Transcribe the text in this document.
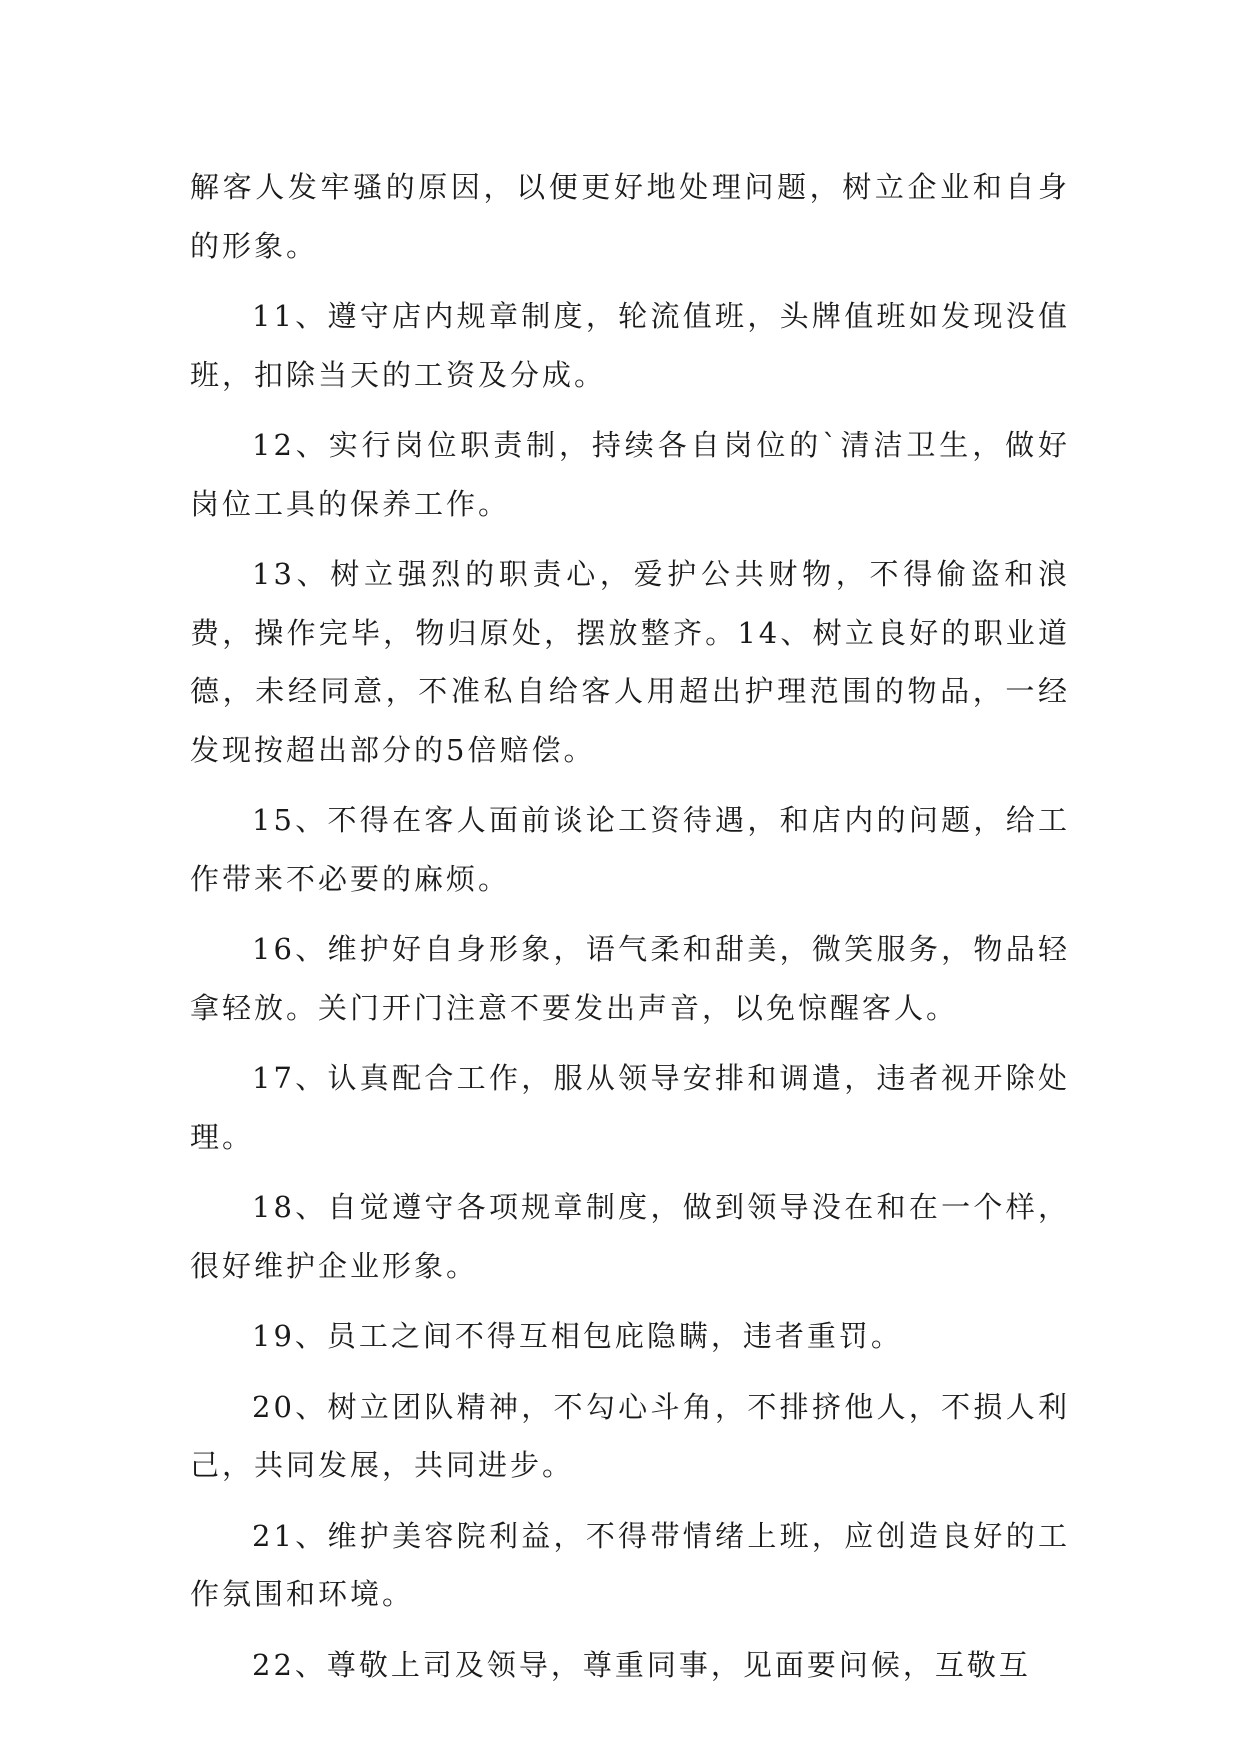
解客人发牢骚的原因，以便更好地处理问题，树立企业和自身的形象。

11、遵守店内规章制度，轮流值班，头牌值班如发现没值班，扣除当天的工资及分成。

12、实行岗位职责制，持续各自岗位的`清洁卫生，做好岗位工具的保养工作。

13、树立强烈的职责心，爱护公共财物，不得偷盗和浪费，操作完毕，物归原处，摆放整齐。14、树立良好的职业道德，未经同意，不准私自给客人用超出护理范围的物品，一经发现按超出部分的5倍赔偿。

15、不得在客人面前谈论工资待遇，和店内的问题，给工作带来不必要的麻烦。

16、维护好自身形象，语气柔和甜美，微笑服务，物品轻拿轻放。关门开门注意不要发出声音，以免惊醒客人。

17、认真配合工作，服从领导安排和调遣，违者视开除处理。

18、自觉遵守各项规章制度，做到领导没在和在一个样，很好维护企业形象。

19、员工之间不得互相包庇隐瞒，违者重罚。

20、树立团队精神，不勾心斗角，不排挤他人，不损人利己，共同发展，共同进步。

21、维护美容院利益，不得带情绪上班，应创造良好的工作氛围和环境。

22、尊敬上司及领导，尊重同事，见面要问候，互敬互
